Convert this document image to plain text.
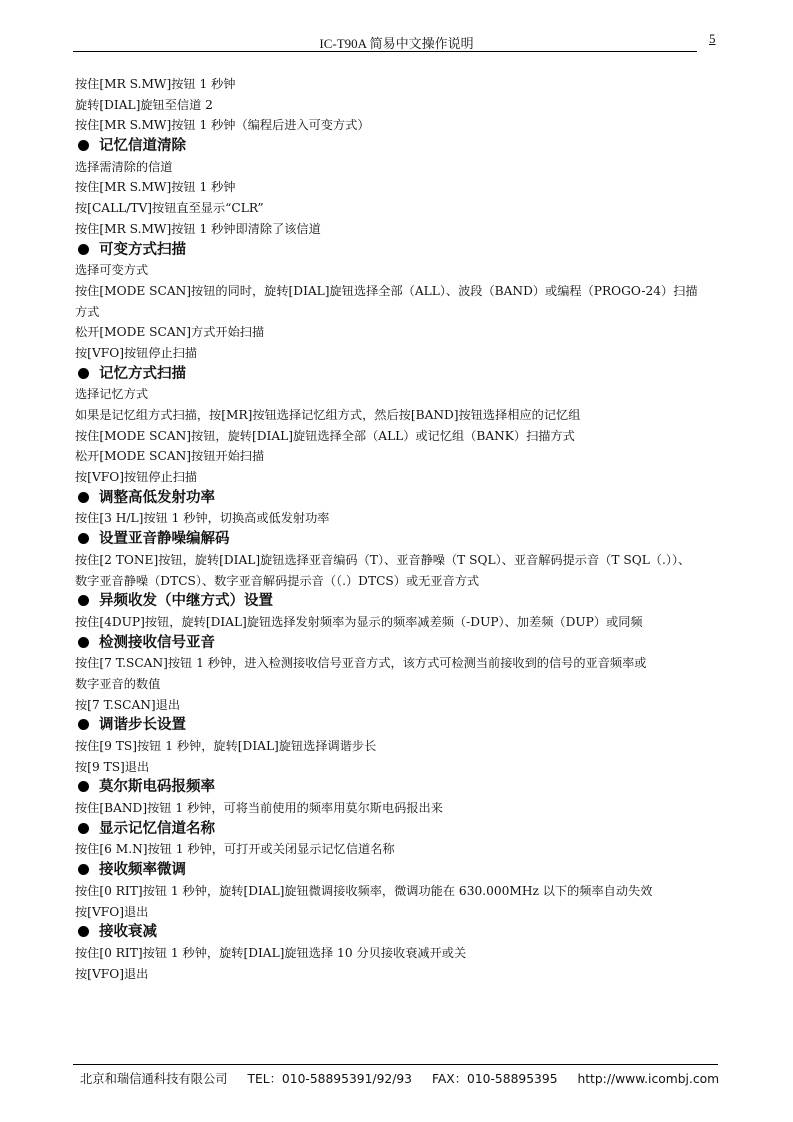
IC-T90A 简易中文操作说明	5
按住[MR S.MW]按钮 1 秒钟
旋转[DIAL]旋钮至信道 2
按住[MR S.MW]按钮 1 秒钟（编程后进入可变方式）
记忆信道清除
选择需清除的信道
按住[MR S.MW]按钮 1 秒钟
按[CALL/TV]按钮直至显示“CLR”
按住[MR S.MW]按钮 1 秒钟即清除了该信道
可变方式扫描
选择可变方式
按住[MODE SCAN]按钮的同时，旋转[DIAL]旋钮选择全部（ALL）、波段（BAND）或编程（PROGO-24）扫描
方式
松开[MODE SCAN]方式开始扫描
按[VFO]按钮停止扫描
记忆方式扫描
选择记忆方式
如果是记忆组方式扫描，按[MR]按钮选择记忆组方式，然后按[BAND]按钮选择相应的记忆组
按住[MODE SCAN]按钮，旋转[DIAL]旋钮选择全部（ALL）或记忆组（BANK）扫描方式
松开[MODE SCAN]按钮开始扫描
按[VFO]按钮停止扫描
调整高低发射功率
按住[3 H/L]按钮 1 秒钟，切换高或低发射功率
设置亚音静噪编解码
按住[2 TONE]按钮，旋转[DIAL]旋钮选择亚音编码（T）、亚音静噪（T SQL）、亚音解码提示音（T SQL（.））、
数字亚音静噪（DTCS）、数字亚音解码提示音（（.）DTCS）或无亚音方式
异频收发（中继方式）设置
按住[4DUP]按钮，旋转[DIAL]旋钮选择发射频率为显示的频率减差频（-DUP）、加差频（DUP）或同频
检测接收信号亚音
按住[7 T.SCAN]按钮 1 秒钟，进入检测接收信号亚音方式，该方式可检测当前接收到的信号的亚音频率或
数字亚音的数值
按[7 T.SCAN]退出
调谐步长设置
按住[9 TS]按钮 1 秒钟，旋转[DIAL]旋钮选择调谐步长
按[9 TS]退出
莫尔斯电码报频率
按住[BAND]按钮 1 秒钟，可将当前使用的频率用莫尔斯电码报出来
显示记忆信道名称
按住[6 M.N]按钮 1 秒钟，可打开或关闭显示记忆信道名称
接收频率微调
按住[0 RIT]按钮 1 秒钟，旋转[DIAL]旋钮微调接收频率，微调功能在 630.000MHz 以下的频率自动失效
按[VFO]退出
接收衰减
按住[0 RIT]按钮 1 秒钟，旋转[DIAL]旋钮选择 10 分贝接收衰减开或关
按[VFO]退出
北京和瑞信通科技有限公司 TEL：010-58895391/92/93 FAX：010-58895395 http://www.icombj.com
